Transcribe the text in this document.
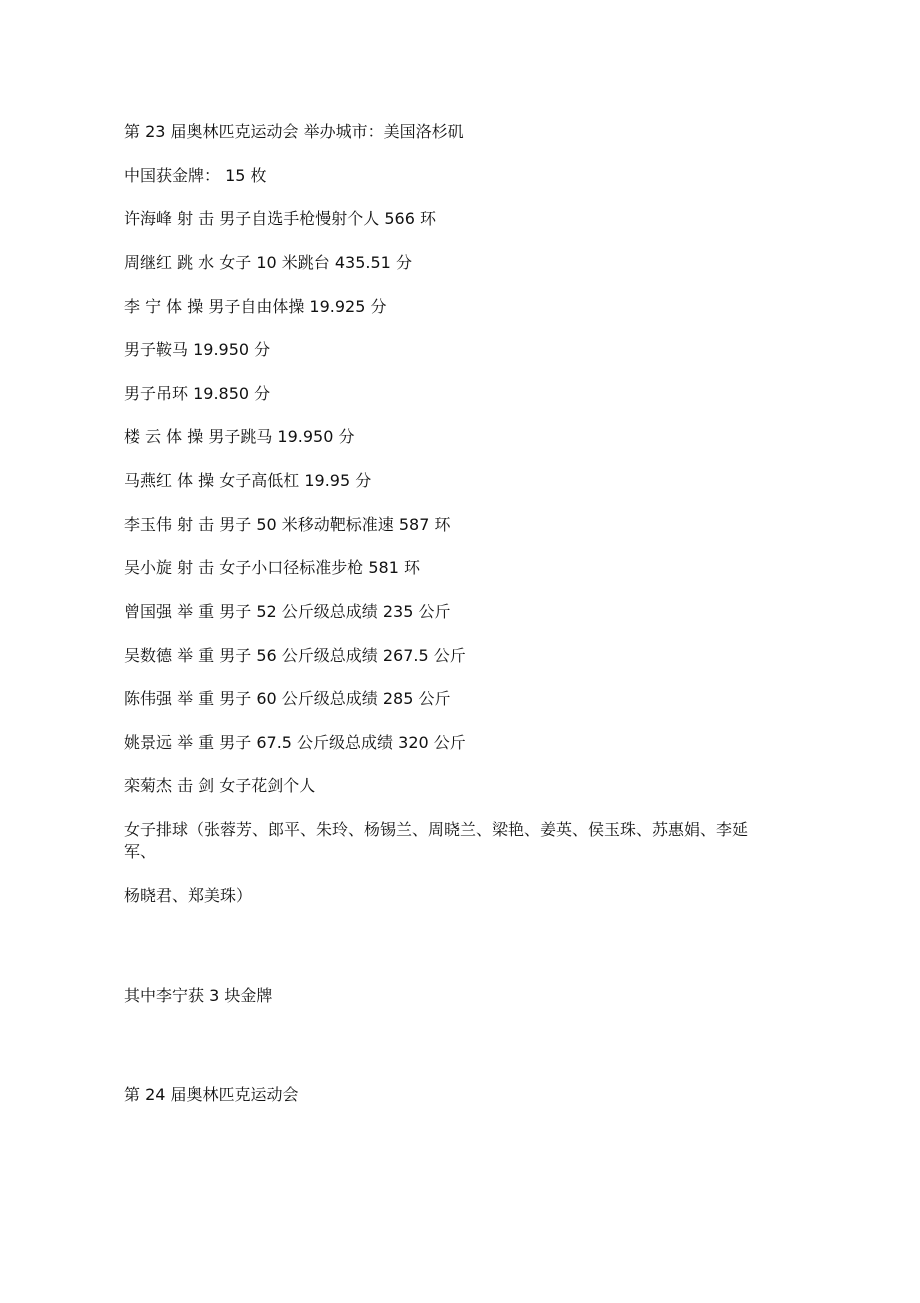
第 23 届奥林匹克运动会 举办城市：美国洛杉矶
中国获金牌： 15 枚
许海峰 射 击 男子自选手枪慢射个人 566 环
周继红 跳 水 女子 10 米跳台 435.51 分
李 宁 体 操 男子自由体操 19.925 分
男子鞍马 19.950 分
男子吊环 19.850 分
楼 云 体 操 男子跳马 19.950 分
马燕红 体 操 女子高低杠 19.95 分
李玉伟 射 击 男子 50 米移动靶标准速 587 环
吴小旋 射 击 女子小口径标准步枪 581 环
曾国强 举 重 男子 52 公斤级总成绩 235 公斤
吴数德 举 重 男子 56 公斤级总成绩 267.5 公斤
陈伟强 举 重 男子 60 公斤级总成绩 285 公斤
姚景远 举 重 男子 67.5 公斤级总成绩 320 公斤
栾菊杰 击 剑 女子花剑个人
女子排球（张蓉芳、郎平、朱玲、杨锡兰、周晓兰、梁艳、姜英、侯玉珠、苏惠娟、李延军、
杨晓君、郑美珠）
其中李宁获 3 块金牌
第 24 届奥林匹克运动会
